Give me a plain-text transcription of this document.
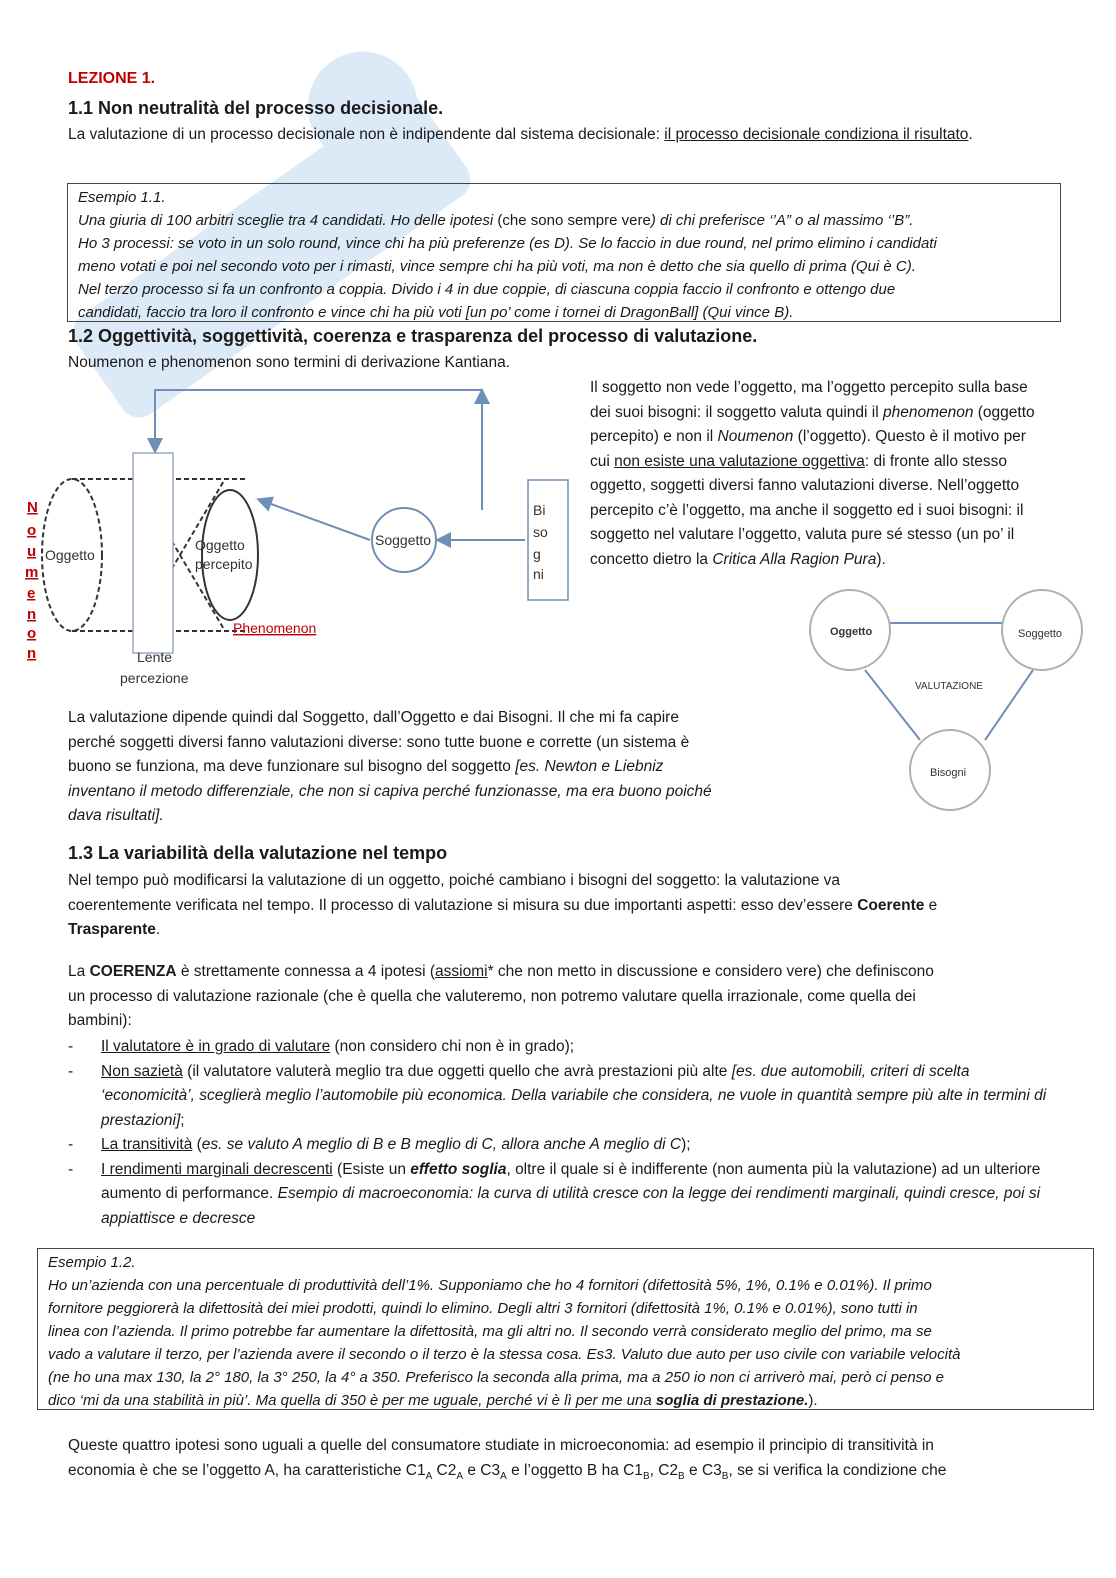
LEZIONE 1.
1.1 Non neutralità del processo decisionale.
La valutazione di un processo decisionale non è indipendente dal sistema decisionale: il processo decisionale condiziona il risultato.
Esempio 1.1.
Una giuria di 100 arbitri sceglie tra 4 candidati. Ho delle ipotesi (che sono sempre vere) di chi preferisce ‘’A” o al massimo ‘’B”.
Ho 3 processi: se voto in un solo round, vince chi ha più preferenze (es D). Se lo faccio in due round, nel primo elimino i candidati
meno votati e poi nel secondo voto per i rimasti, vince sempre chi ha più voti, ma non è detto che sia quello di prima (Qui è C).
Nel terzo processo si fa un confronto a coppia. Divido i 4 in due coppie, di ciascuna coppia faccio il confronto e ottengo due
candidati, faccio tra loro il confronto e vince chi ha più voti [un po’ come i tornei di DragonBall] (Qui vince B).
1.2 Oggettività, soggettività, coerenza e trasparenza del processo di valutazione.
Noumenon e phenomenon sono termini di derivazione Kantiana.
Il soggetto non vede l’oggetto, ma l’oggetto percepito sulla base
dei suoi bisogni: il soggetto valuta quindi il phenomenon (oggetto
percepito) e non il Noumenon (l’oggetto). Questo è il motivo per
cui non esiste una valutazione oggettiva: di fronte allo stesso
oggetto, soggetti diversi fanno valutazioni diverse. Nell’oggetto
percepito c’è l’oggetto, ma anche il soggetto ed i suoi bisogni: il
soggetto nel valutare l’oggetto, valuta pure sé stesso (un po’ il
concetto dietro la Critica Alla Ragion Pura).
N
o
u
m
e
n
o
n
Oggetto
Oggetto
percepito
Soggetto
Bi
so
g
ni
Phenomenon
Lente
percezione
Oggetto	Soggetto
Bisogni
VALUTAZIONE
La valutazione dipende quindi dal Soggetto, dall’Oggetto e dai Bisogni. Il che mi fa capire
perché soggetti diversi fanno valutazioni diverse: sono tutte buone e corrette (un sistema è
buono se funziona, ma deve funzionare sul bisogno del soggetto [es. Newton e Liebniz
inventano il metodo differenziale, che non si capiva perché funzionasse, ma era buono poiché
dava risultati].
1.3 La variabilità della valutazione nel tempo
Nel tempo può modificarsi la valutazione di un oggetto, poiché cambiano i bisogni del soggetto: la valutazione va
coerentemente verificata nel tempo. Il processo di valutazione si misura su due importanti aspetti: esso dev’essere Coerente e
Trasparente.
La COERENZA è strettamente connessa a 4 ipotesi (assiomi* che non metto in discussione e considero vere) che definiscono
un processo di valutazione razionale (che è quella che valuteremo, non potremo valutare quella irrazionale, come quella dei
bambini):
- Il valutatore è in grado di valutare (non considero chi non è in grado);
- Non sazietà (il valutatore valuterà meglio tra due oggetti quello che avrà prestazioni più alte [es. due automobili, criteri di scelta ‘economicità’, sceglierà meglio l’automobile più economica. Della variabile che considera, ne vuole in quantità sempre più alte in termini di prestazioni];
- La transitività (es. se valuto A meglio di B e B meglio di C, allora anche A meglio di C);
- I rendimenti marginali decrescenti (Esiste un effetto soglia, oltre il quale si è indifferente (non aumenta più la valutazione) ad un ulteriore aumento di performance. Esempio di macroeconomia: la curva di utilità cresce con la legge dei rendimenti marginali, quindi cresce, poi si appiattisce e decresce
Esempio 1.2.
Ho un’azienda con una percentuale di produttività dell’1%. Supponiamo che ho 4 fornitori (difettosità 5%, 1%, 0.1% e 0.01%). Il primo
fornitore peggiorerà la difettosità dei miei prodotti, quindi lo elimino. Degli altri 3 fornitori (difettosità 1%, 0.1% e 0.01%), sono tutti in
linea con l’azienda. Il primo potrebbe far aumentare la difettosità, ma gli altri no. Il secondo verrà considerato meglio del primo, ma se
vado a valutare il terzo, per l’azienda avere il secondo o il terzo è la stessa cosa. Es3. Valuto due auto per uso civile con variabile velocità
(ne ho una max 130, la 2° 180, la 3° 250, la 4° a 350. Preferisco la seconda alla prima, ma a 250 io non ci arriverò mai, però ci penso e
dico ‘mi da una stabilità in più’. Ma quella di 350 è per me uguale, perché vi è lì per me una soglia di prestazione.).
Queste quattro ipotesi sono uguali a quelle del consumatore studiate in microeconomia: ad esempio il principio di transitività in
economia è che se l’oggetto A, ha caratteristiche $C1_A$ $C2_A$ e $C3_A$ e l’oggetto B ha $C1_B$, $C2_B$ e $C3_B$, se si verifica la condizione che
